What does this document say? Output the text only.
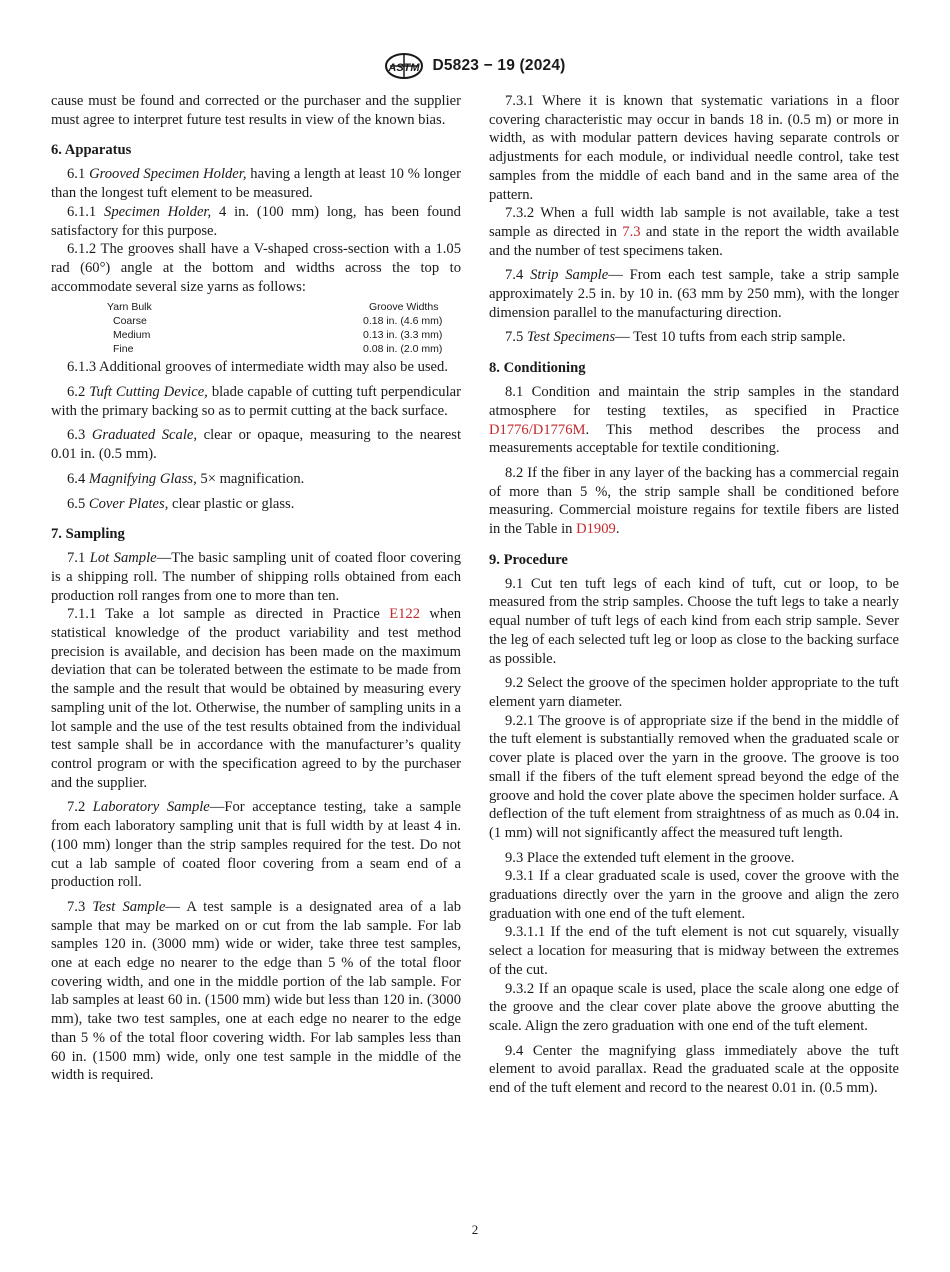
ASTM D5823 − 19 (2024)

cause must be found and corrected or the purchaser and the supplier must agree to interpret future test results in view of the known bias.

6. Apparatus

6.1 Grooved Specimen Holder, having a length at least 10 % longer than the longest tuft element to be measured.

6.1.1 Specimen Holder, 4 in. (100 mm) long, has been found satisfactory for this purpose.

6.1.2 The grooves shall have a V-shaped cross-section with a 1.05 rad (60°) angle at the bottom and widths across the top to accommodate several size yarns as follows:

Yarn Bulk	Groove Widths
Coarse	0.18 in. (4.6 mm)
Medium	0.13 in. (3.3 mm)
Fine	0.08 in. (2.0 mm)

6.1.3 Additional grooves of intermediate width may also be used.

6.2 Tuft Cutting Device, blade capable of cutting tuft perpendicular with the primary backing so as to permit cutting at the back surface.

6.3 Graduated Scale, clear or opaque, measuring to the nearest 0.01 in. (0.5 mm).

6.4 Magnifying Glass, 5× magnification.

6.5 Cover Plates, clear plastic or glass.

7. Sampling

7.1 Lot Sample—The basic sampling unit of coated floor covering is a shipping roll. The number of shipping rolls obtained from each production roll ranges from one to more than ten.

7.1.1 Take a lot sample as directed in Practice E122 when statistical knowledge of the product variability and test method precision is available, and decision has been made on the maximum deviation that can be tolerated between the estimate to be made from the sample and the result that would be obtained by measuring every sampling unit of the lot. Otherwise, the number of sampling units in a lot sample and the use of the test results obtained from the individual test sample shall be in accordance with the manufacturer’s quality control program or with the specification agreed to by the purchaser and the supplier.

7.2 Laboratory Sample—For acceptance testing, take a sample from each laboratory sampling unit that is full width by at least 4 in. (100 mm) longer than the strip samples required for the test. Do not cut a lab sample of coated floor covering from a seam end of a production roll.

7.3 Test Sample— A test sample is a designated area of a lab sample that may be marked on or cut from the lab sample. For lab samples 120 in. (3000 mm) wide or wider, take three test samples, one at each edge no nearer to the edge than 5 % of the total floor covering width, and one in the middle portion of the lab sample. For lab samples at least 60 in. (1500 mm) wide but less than 120 in. (3000 mm), take two test samples, one at each edge no nearer to the edge than 5 % of the total floor covering width. For lab samples less than 60 in. (1500 mm) wide, only one test sample in the middle of the width is required.

7.3.1 Where it is known that systematic variations in a floor covering characteristic may occur in bands 18 in. (0.5 m) or more in width, as with modular pattern devices having separate controls or adjustments for each module, or individual needle control, take test samples from the middle of each band and in the same area of the pattern.

7.3.2 When a full width lab sample is not available, take a test sample as directed in 7.3 and state in the report the width available and the number of test specimens taken.

7.4 Strip Sample— From each test sample, take a strip sample approximately 2.5 in. by 10 in. (63 mm by 250 mm), with the longer dimension parallel to the manufacturing direction.

7.5 Test Specimens— Test 10 tufts from each strip sample.

8. Conditioning

8.1 Condition and maintain the strip samples in the standard atmosphere for testing textiles, as specified in Practice D1776/D1776M. This method describes the process and measurements acceptable for textile conditioning.

8.2 If the fiber in any layer of the backing has a commercial regain of more than 5 %, the strip sample shall be conditioned before measuring. Commercial moisture regains for textile fibers are listed in the Table in D1909.

9. Procedure

9.1 Cut ten tuft legs of each kind of tuft, cut or loop, to be measured from the strip samples. Choose the tuft legs to take a nearly equal number of tuft legs of each kind from each strip sample. Sever the leg of each selected tuft leg or loop as close to the backing surface as possible.

9.2 Select the groove of the specimen holder appropriate to the tuft element yarn diameter.

9.2.1 The groove is of appropriate size if the bend in the middle of the tuft element is substantially removed when the graduated scale or cover plate is placed over the yarn in the groove. The groove is too small if the fibers of the tuft element spread beyond the edge of the groove and hold the cover plate above the specimen holder surface. A deflection of the tuft element from straightness of as much as 0.04 in. (1 mm) will not significantly affect the measured tuft length.

9.3 Place the extended tuft element in the groove.

9.3.1 If a clear graduated scale is used, cover the groove with the graduations directly over the yarn in the groove and align the zero graduation with one end of the tuft element.

9.3.1.1 If the end of the tuft element is not cut squarely, visually select a location for measuring that is midway between the extremes of the cut.

9.3.2 If an opaque scale is used, place the scale along one edge of the groove and the clear cover plate above the groove abutting the scale. Align the zero graduation with one end of the tuft element.

9.4 Center the magnifying glass immediately above the tuft element to avoid parallax. Read the graduated scale at the opposite end of the tuft element and record to the nearest 0.01 in. (0.5 mm).

2
